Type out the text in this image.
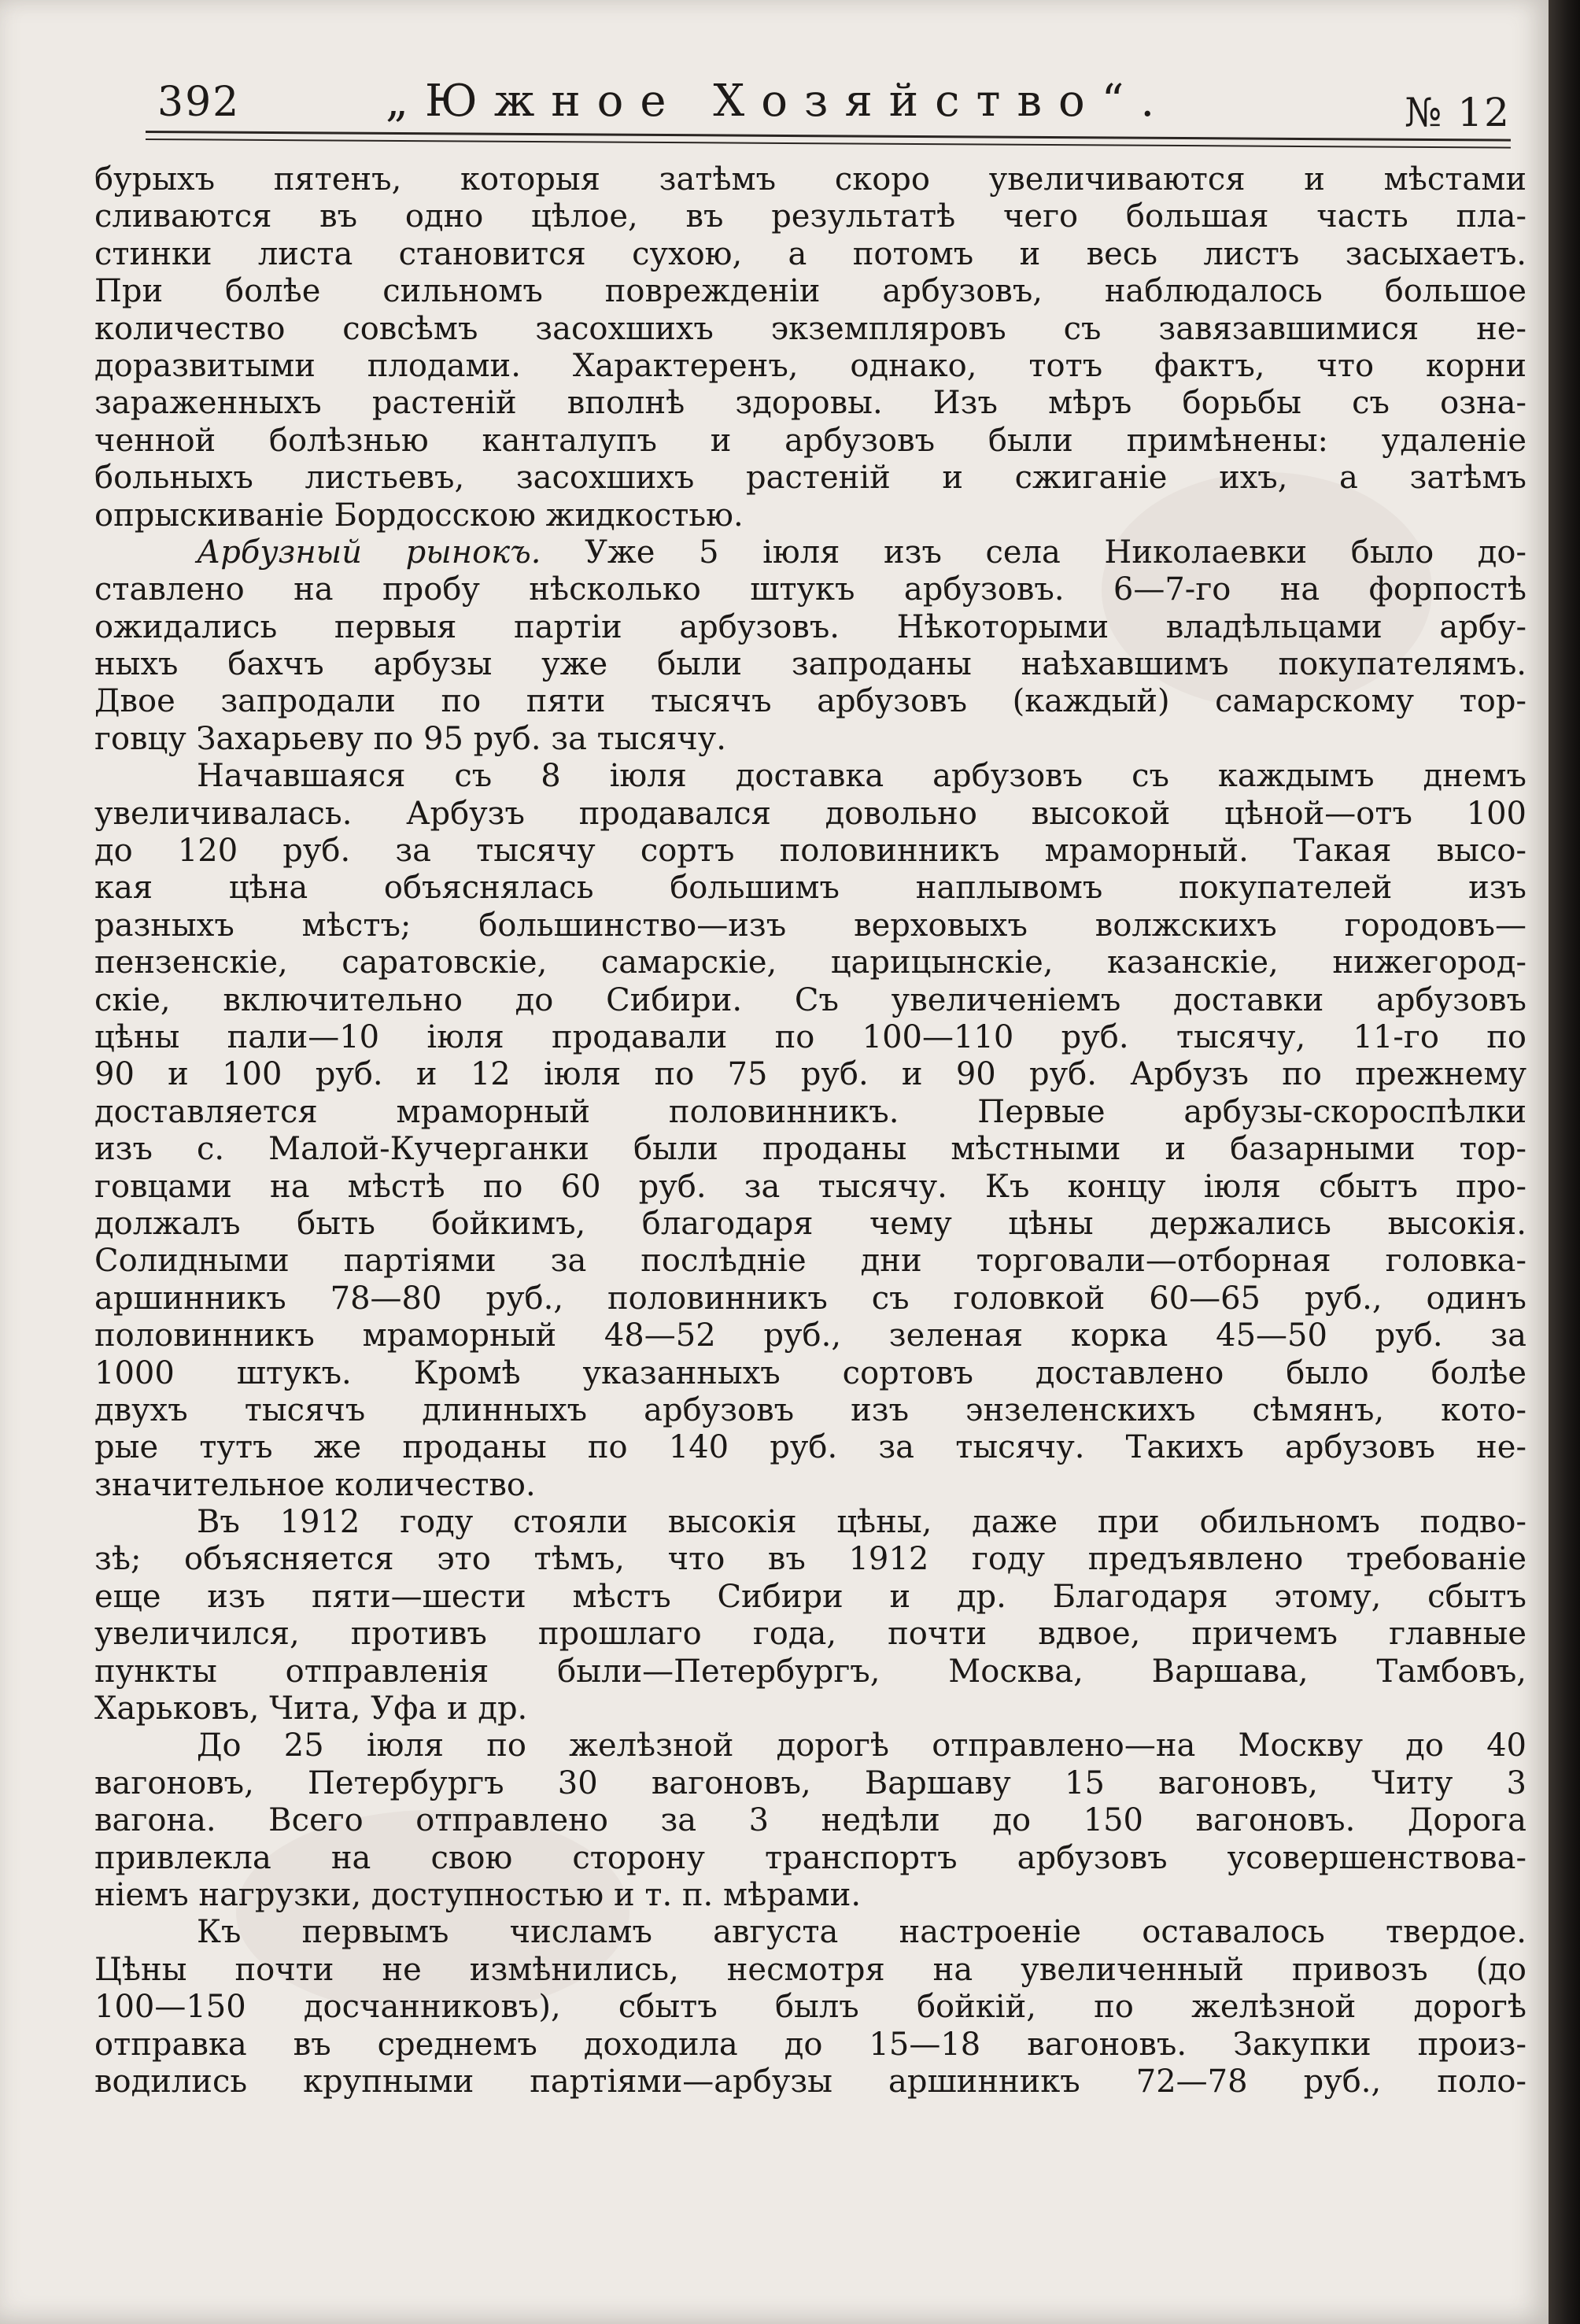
392	„Южное Хозяйство“.	№ 12
бурыхъ пятенъ, которыя затѣмъ скоро увеличиваются и мѣстами
сливаются въ одно цѣлое, въ результатѣ чего большая часть пла-
стинки листа становится сухою, а потомъ и весь листъ засыхаетъ.
При болѣе сильномъ повреждeніи арбузовъ, наблюдалось большое
количество совсѣмъ засохшихъ экземпляровъ съ завязавшимися не-
доразвитыми плодами. Характеренъ, однако, тотъ фактъ, что корни
зараженныхъ растенiй вполнѣ здоровы. Изъ мѣръ борьбы съ озна-
ченной болѣзнью канталупъ и арбузовъ были примѣнены: удаленiе
больныхъ листьевъ, засохшихъ растенiй и сжиганie ихъ, а затѣмъ
опрыскиванie Бордосскою жидкостью.
Арбузный рынокъ. Уже 5 iюля изъ села Николаевки было до-
ставлено на пробу нѣсколько штукъ арбузовъ. 6—7-го на форпостѣ
ожидались первыя партiи арбузовъ. Нѣкоторыми владѣльцами арбу-
ныхъ бахчъ арбузы уже были запроданы наѣхавшимъ покупателямъ.
Двое запродали по пяти тысячъ арбузовъ (каждый) самарскому тор-
говцу Захарьеву по 95 руб. за тысячу.
Начавшаяся съ 8 iюля доставка арбузовъ съ каждымъ днемъ
увеличивалась. Арбузъ продавался довольно высокой цѣной—отъ 100
до 120 руб. за тысячу сортъ половинникъ мраморный. Такая высо-
кая цѣна объяснялась большимъ наплывомъ покупателей изъ
разныхъ мѣстъ; большинство—изъ верховыхъ волжскихъ городовъ—
пензенскiе, саратовскiе, самарскiе, царицынскiе, казанскiе, нижегород-
скiе, включительно до Сибири. Съ увеличенiемъ доставки арбузовъ
цѣны пали—10 iюля продавали по 100—110 руб. тысячу, 11-го по
90 и 100 руб. и 12 iюля по 75 руб. и 90 руб. Арбузъ по прежнему
доставляется мраморный половинникъ. Первые арбузы-скороспѣлки
изъ с. Малой-Кучерганки были проданы мѣстными и базарными тор-
говцами на мѣстѣ по 60 руб. за тысячу. Къ концу iюля сбытъ про-
должалъ быть бойкимъ, благодаря чему цѣны держались высокiя.
Солидными партiями за послѣднiе дни торговали—отборная головка-
аршинникъ 78—80 руб., половинникъ съ головкой 60—65 руб., одинъ
половинникъ мраморный 48—52 руб., зеленая корка 45—50 руб. за
1000 штукъ. Кромѣ указанныхъ сортовъ доставлено было болѣе
двухъ тысячъ длинныхъ арбузовъ изъ энзеленскихъ сѣмянъ, кото-
рые тутъ же проданы по 140 руб. за тысячу. Такихъ арбузовъ не-
значительное количество.
Въ 1912 году стояли высокiя цѣны, даже при обильномъ подво-
зѣ; объясняется это тѣмъ, что въ 1912 году предъявлено требованiе
еще изъ пяти—шести мѣстъ Сибири и др. Благодаря этому, сбытъ
увеличился, противъ прошлаго года, почти вдвое, причемъ главные
пункты отправленiя были—Петербургъ, Москва, Варшава, Тамбовъ,
Харьковъ, Чита, Уфа и др.
До 25 iюля по желѣзной дорогѣ отправлено—на Москву до 40
вагоновъ, Петербургъ 30 вагоновъ, Варшаву 15 вагоновъ, Читу 3
вагона. Всего отправлено за 3 недѣли до 150 вагоновъ. Дорога
привлекла на свою сторону транспортъ арбузовъ усовершенствова-
нiемъ нагрузки, доступностью и т. п. мѣрами.
Къ первымъ числамъ августа настроенiе оставалось твердое.
Цѣны почти не измѣнились, несмотря на увеличенный привозъ (до
100—150 досчанниковъ), сбытъ былъ бойкiй, по желѣзной дорогѣ
отправка въ среднемъ доходила до 15—18 вагоновъ. Закупки произ-
водились крупными партiями—арбузы аршинникъ 72—78 руб., поло-
